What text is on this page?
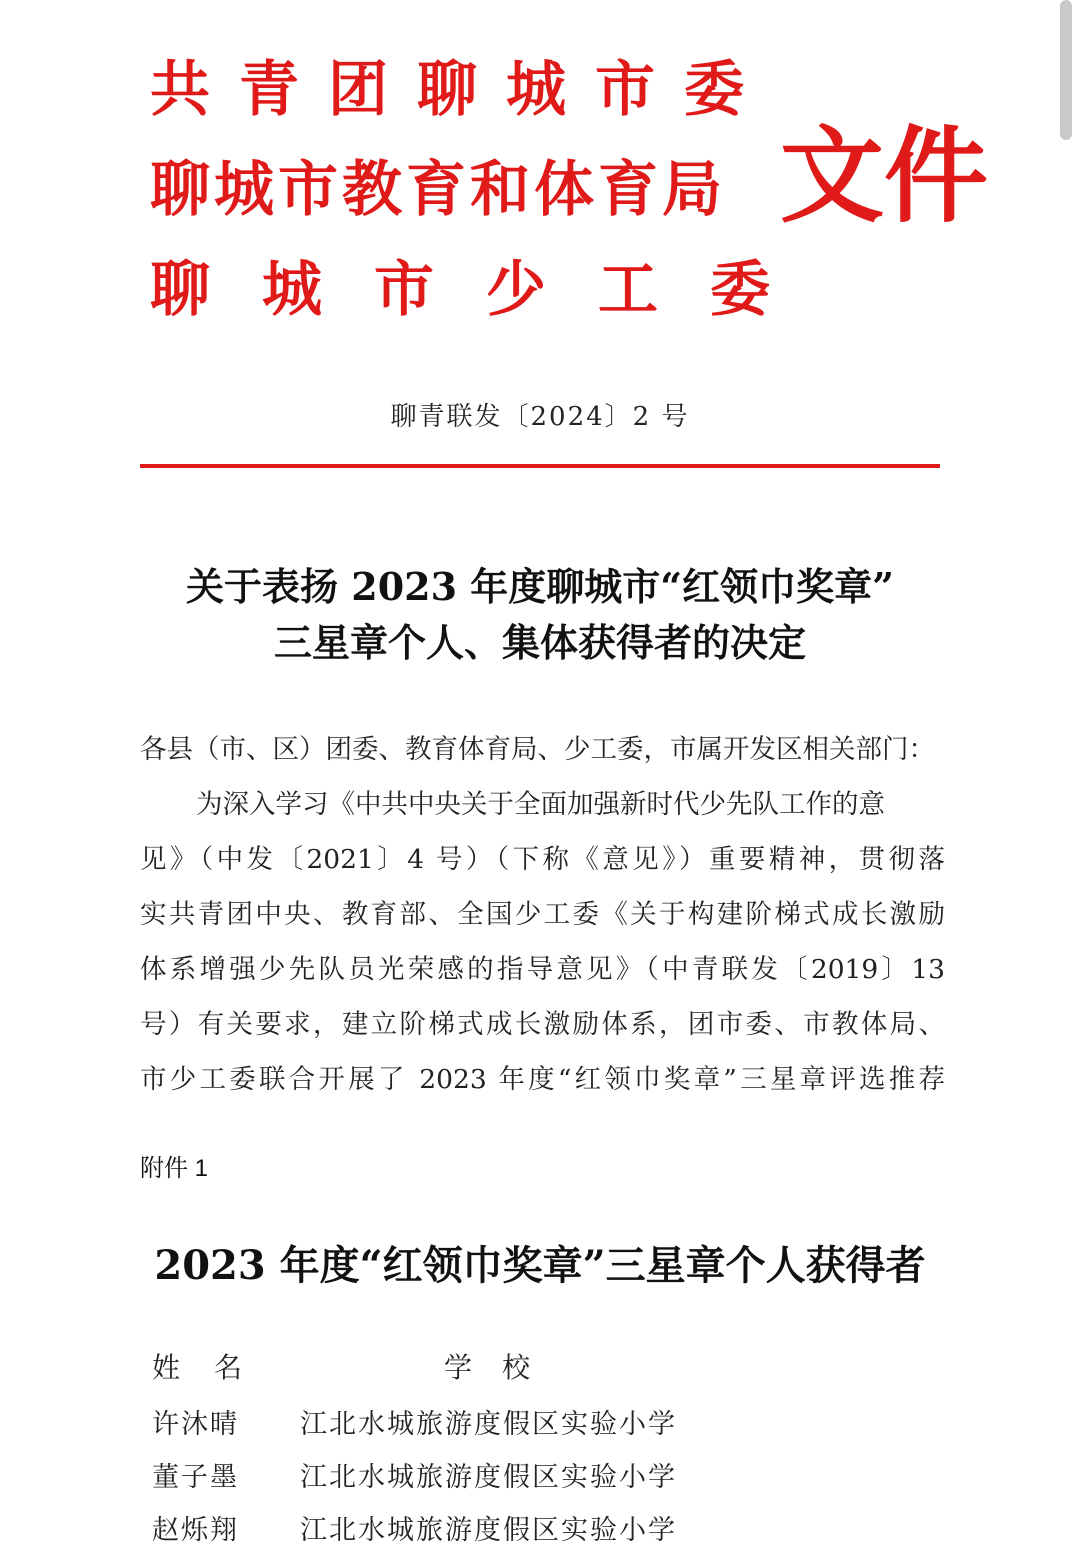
共青团聊城市委
聊城市教育和体育局
聊城市少工委
文件
聊青联发〔2024〕2 号
关于表扬 2023 年度聊城市“红领巾奖章”
三星章个人、集体获得者的决定
各县（市、区）团委、教育体育局、少工委，市属开发区相关部门：
为深入学习《中共中央关于全面加强新时代少先队工作的意
见》（中发〔2021〕4 号）（下称《意见》）重要精神，贯彻落
实共青团中央、教育部、全国少工委《关于构建阶梯式成长激励
体系增强少先队员光荣感的指导意见》（中青联发〔2019〕13
号）有关要求，建立阶梯式成长激励体系，团市委、市教体局、
市少工委联合开展了 2023 年度“红领巾奖章”三星章评选推荐
附件 1
2023 年度“红领巾奖章”三星章个人获得者
姓名	学校
许沐晴 江北水城旅游度假区实验小学
董子墨 江北水城旅游度假区实验小学
赵烁翔 江北水城旅游度假区实验小学
